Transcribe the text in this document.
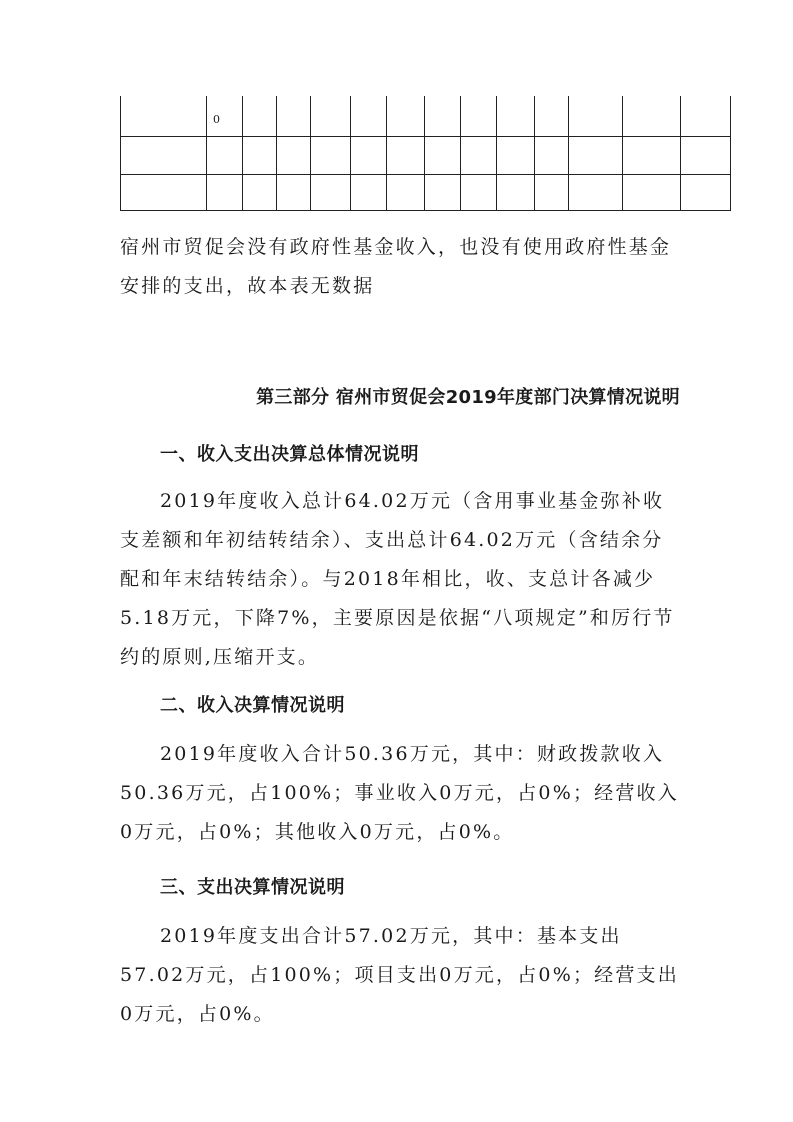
	0												

宿州市贸促会没有政府性基金收入，也没有使用政府性基金安排的支出，故本表无数据

第三部分 宿州市贸促会2019年度部门决算情况说明
一、收入支出决算总体情况说明

2019年度收入总计64.02万元（含用事业基金弥补收支差额和年初结转结余）、支出总计64.02万元（含结余分配和年末结转结余）。与2018年相比，收、支总计各减少5.18万元，下降7%，主要原因是依据“八项规定”和厉行节约的原则,压缩开支。

二、收入决算情况说明

2019年度收入合计50.36万元，其中：财政拨款收入50.36万元，占100%；事业收入0万元，占0%；经营收入0万元，占0%；其他收入0万元，占0%。

三、支出决算情况说明

2019年度支出合计57.02万元，其中：基本支出57.02万元，占100%；项目支出0万元，占0%；经营支出0万元，占0%。
